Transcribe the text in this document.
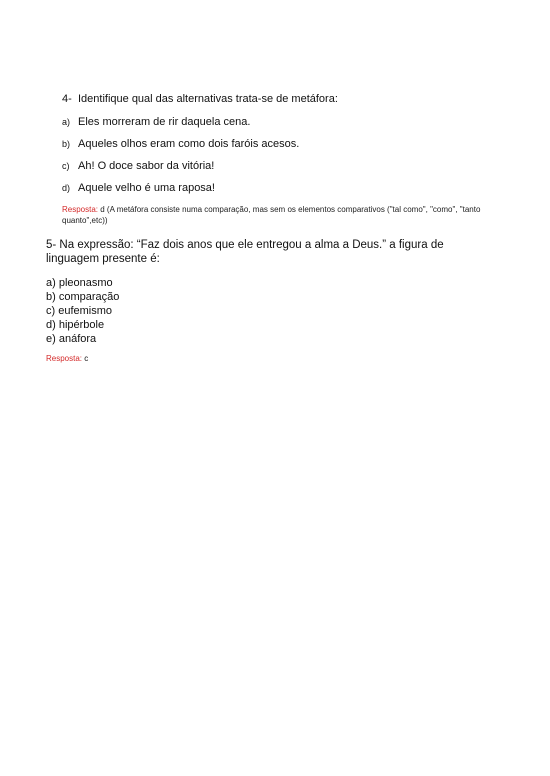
4- Identifique qual das alternativas trata-se de metáfora:
a) Eles morreram de rir daquela cena.
b) Aqueles olhos eram como dois faróis acesos.
c) Ah! O doce sabor da vitória!
d) Aquele velho é uma raposa!
Resposta: d (A metáfora consiste numa comparação, mas sem os elementos comparativos ("tal como", "como", "tanto quanto",etc))
5- Na expressão: “Faz dois anos que ele entregou a alma a Deus.” a figura de linguagem presente é:
a) pleonasmo
b) comparação
c) eufemismo
d) hipérbole
e) anáfora
Resposta: c
